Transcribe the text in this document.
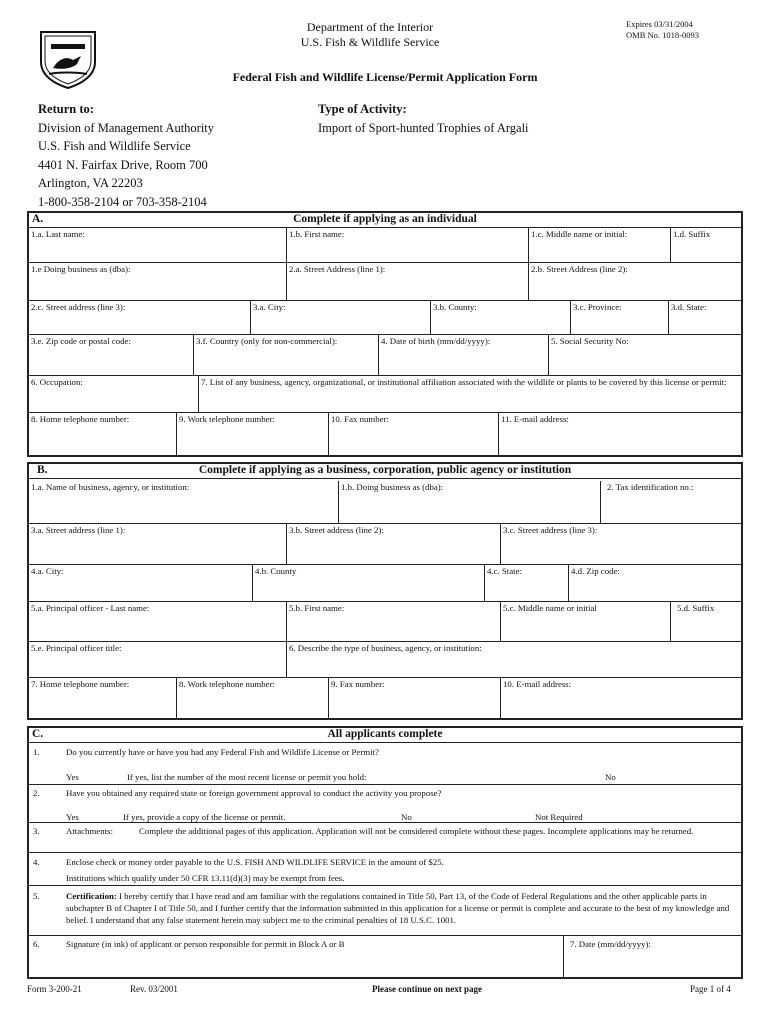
Department of the Interior
U.S. Fish & Wildlife Service
Expires 03/31/2004
OMB No. 1018-0093
Federal Fish and Wildlife License/Permit Application Form
Return to:
Division of Management Authority
U.S. Fish and Wildlife Service
4401 N. Fairfax Drive, Room 700
Arlington, VA 22203
1-800-358-2104 or 703-358-2104
Type of Activity:
Import of Sport-hunted Trophies of Argali
A.	Complete if applying as an individual
1.a. Last name:	1.b. First name:	1.c. Middle name or initial:	1.d. Suffix
1.e Doing business as (dba):	2.a. Street Address (line 1):	2.b. Street Address (line 2):
2.c. Street address (line 3):	3.a. City:	3.b. County:	3.c. Province:	3.d. State:
3.e. Zip code or postal code:	3.f. Country (only for non-commercial):	4. Date of birth (mm/dd/yyyy):	5. Social Security No:
6. Occupation:	7. List of any business, agency, organizational, or institutional affiliation associated with the wildlife or plants to be covered by this license or permit:
8. Home telephone number:	9. Work telephone number:	10. Fax number:	11. E-mail address:
B.	Complete if applying as a business, corporation, public agency or institution
1.a. Name of business, agency, or institution:	1.b. Doing business as (dba):	2. Tax identification no.:
3.a. Street address (line 1):	3.b. Street address (line 2):	3.c. Street address (line 3):
4.a. City:	4.b. County	4.c. State:	4.d. Zip code:
5.a. Principal officer - Last name:	5.b. First name:	5.c. Middle name or initial	5.d. Suffix
5.e. Principal officer title:	6. Describe the type of business, agency, or institution:
7. Home telephone number:	8. Work telephone number:	9. Fax number:	10. E-mail address:
C.	All applicants complete
1.	Do you currently have or have you had any Federal Fish and Wildlife License or Permit?
Yes	If yes, list the number of the most recent license or permit you hold:	No
2.	Have you obtained any required state or foreign government approval to conduct the activity you propose?
Yes	If yes, provide a copy of the license or permit.	No	Not Required
3.	Attachments:	Complete the additional pages of this application. Application will not be considered complete without these pages. Incomplete applications may be returned.
4.	Enclose check or money order payable to the U.S. FISH AND WILDLIFE SERVICE in the amount of $25.
Institutions which qualify under 50 CFR 13.11(d)(3) may be exempt from fees.
5.	Certification: I hereby certify that I have read and am familiar with the regulations contained in Title 50, Part 13, of the Code of Federal Regulations and the other applicable parts in subchapter B of Chapter I of Title 50, and I further certify that the information submitted in this application for a license or permit is complete and accurate to the best of my knowledge and belief. I understand that any false statement herein may subject me to the criminal penalties of 18 U.S.C. 1001.
6.	Signature (in ink) of applicant or person responsible for permit in Block A or B	7. Date (mm/dd/yyyy):
Form 3-200-21	Rev. 03/2001	Please continue on next page	Page 1 of 4
